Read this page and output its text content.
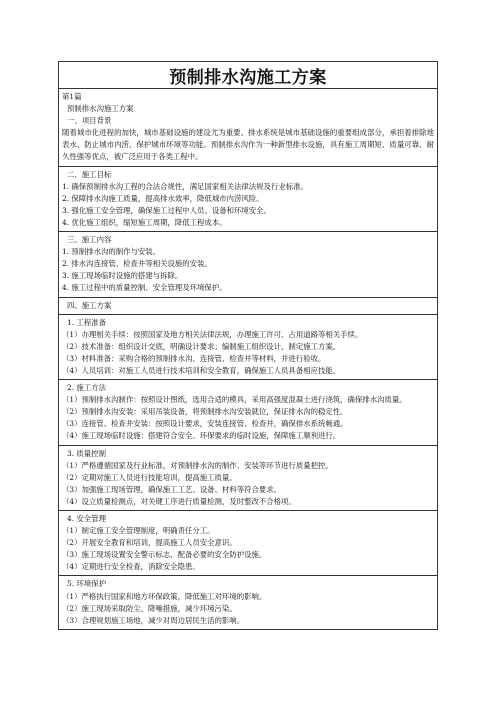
预制排水沟施工方案
第1篇
预制排水沟施工方案
一、项目背景
随着城市化进程的加快，城市基础设施的建设尤为重要。排水系统是城市基础设施的重要组成部分，承担着排除地表水、防止城市内涝、保护城市环境等功能。预制排水沟作为一种新型排水设施，具有施工周期短、质量可靠、耐久性强等优点，被广泛应用于各类工程中。
二、施工目标
1. 确保预制排水沟工程的合法合规性，满足国家相关法律法规及行业标准。
2. 保障排水沟施工质量，提高排水效率，降低城市内涝风险。
3. 强化施工安全管理，确保施工过程中人员、设备和环境安全。
4. 优化施工组织，缩短施工周期，降低工程成本。
三、施工内容
1. 预制排水沟的制作与安装。
2. 排水沟连接管、检查井等相关设施的安装。
3. 施工现场临时设施的搭建与拆除。
4. 施工过程中的质量控制、安全管理及环境保护。
四、施工方案
1. 工程准备
（1）办理相关手续：按照国家及地方相关法律法规，办理施工许可、占用道路等相关手续。
（2）技术准备：组织设计交底，明确设计要求；编制施工组织设计，制定施工方案。
（3）材料准备：采购合格的预制排水沟、连接管、检查井等材料，并进行验收。
（4）人员培训：对施工人员进行技术培训和安全教育，确保施工人员具备相应技能。
2. 施工方法
（1）预制排水沟制作：按照设计图纸，选用合适的模具，采用高强度混凝土进行浇筑，确保排水沟质量。
（2）预制排水沟安装：采用吊装设备，将预制排水沟安装就位，保证排水沟的稳定性。
（3）连接管、检查井安装：按照设计要求，安装连接管、检查井，确保排水系统畅通。
（4）施工现场临时设施：搭建符合安全、环保要求的临时设施，保障施工顺利进行。
3. 质量控制
（1）严格遵循国家及行业标准，对预制排水沟的制作、安装等环节进行质量把控。
（2）定期对施工人员进行技能培训，提高施工质量。
（3）加强施工现场管理，确保施工工艺、设备、材料等符合要求。
（4）设立质量检测点，对关键工序进行质量检测，及时整改不合格项。
4. 安全管理
（1）制定施工安全管理制度，明确责任分工。
（2）开展安全教育和培训，提高施工人员安全意识。
（3）施工现场设置安全警示标志，配备必要的安全防护设施。
（4）定期进行安全检查，消除安全隐患。
5. 环境保护
（1）严格执行国家和地方环保政策，降低施工对环境的影响。
（2）施工现场采取防尘、降噪措施，减少环境污染。
（3）合理规划施工场地，减少对周边居民生活的影响。
